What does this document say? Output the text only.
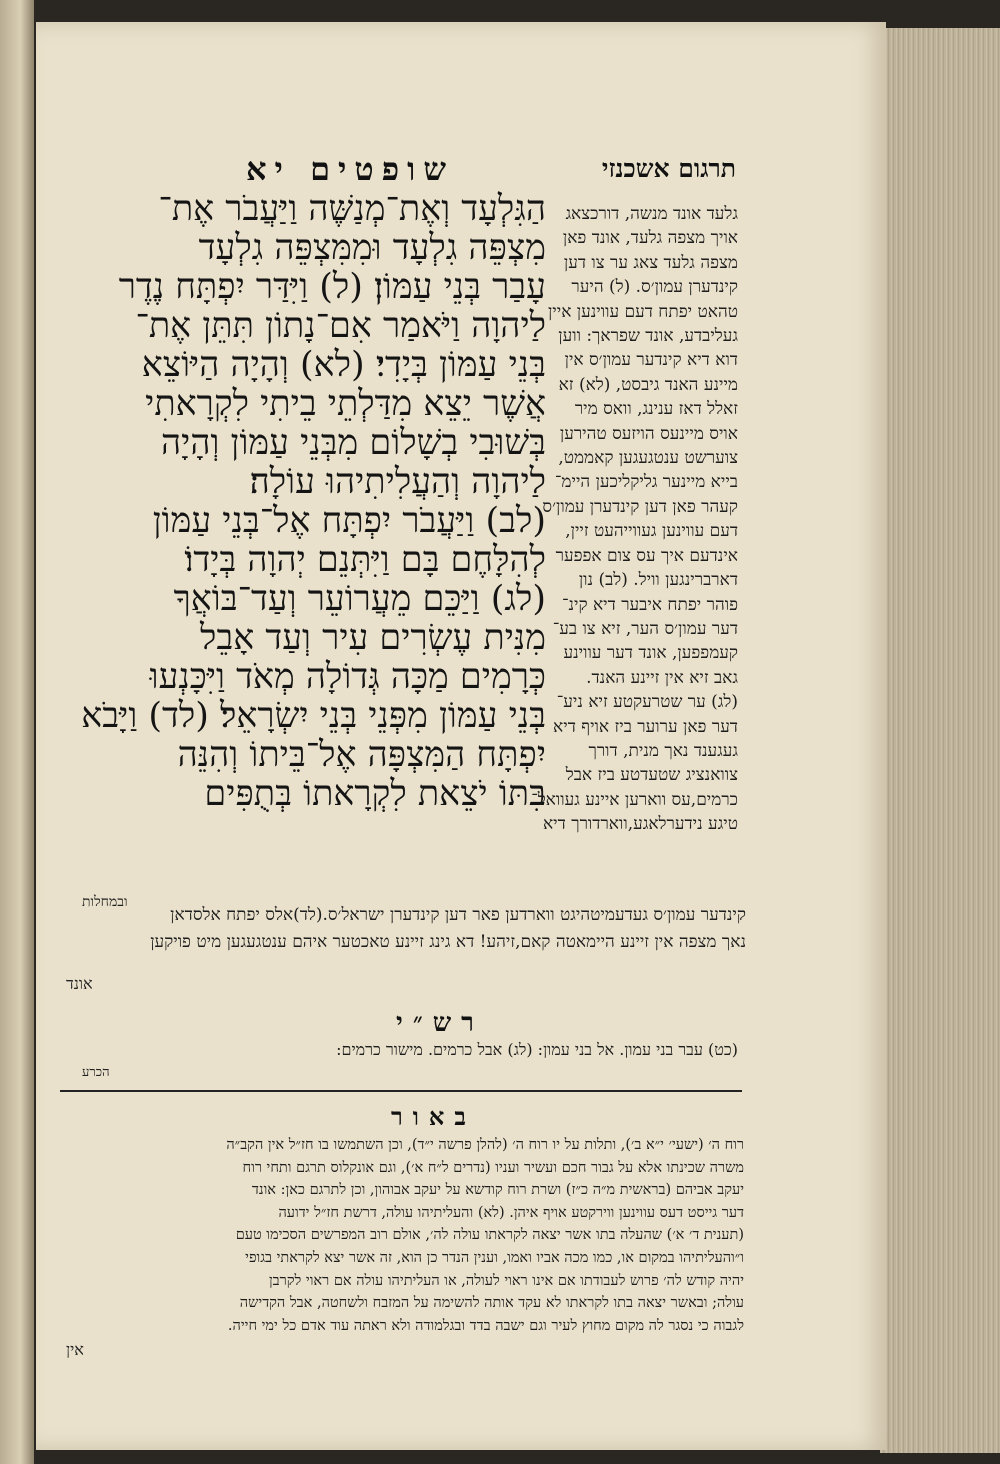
תרגום אשכנזי
שופטים יא
הַגִּלְעָד וְאֶת־מְנַשֶּׁה וַיַּעֲבֹר אֶת־
מִצְפֵּה גִלְעָד וּמִמִּצְפֵּה גִלְעָד
עָבַר בְּנֵי עַמּוֹן׃ (ל) וַיִּדַּר יִפְתָּח נֶדֶר
לַיהוָה וַיֹּאמַר אִם־נָתוֹן תִּתֵּן אֶת־
בְּנֵי עַמּוֹן בְּיָדִי׃ (לא) וְהָיָה הַיּוֹצֵא
אֲשֶׁר יֵצֵא מִדַּלְתֵי בֵיתִי לִקְרָאתִי
בְּשׁוּבִי בְשָׁלוֹם מִבְּנֵי עַמּוֹן וְהָיָה
לַיהוָה וְהַעֲלִיתִיהוּ עוֹלָה׃
(לב) וַיַּעֲבֹר יִפְתָּח אֶל־בְּנֵי עַמּוֹן
לְהִלָּחֶם בָּם וַיִּתְּנֵם יְהוָה בְּיָדוֹ׃
(לג) וַיַּכֵּם מֵעֲרוֹעֵר וְעַד־בּוֹאֲךָ
מִנִּית עֶשְׂרִים עִיר וְעַד אָבֵל
כְּרָמִים מַכָּה גְּדוֹלָה מְאֹד וַיִּכָּנְעוּ
בְּנֵי עַמּוֹן מִפְּנֵי בְּנֵי יִשְׂרָאֵל׃ (לד) וַיָּבֹא
יִפְתָּח הַמִּצְפָּה אֶל־בֵּיתוֹ וְהִנֵּה
בִתּוֹ יֹצֵאת לִקְרָאתוֹ בְּתֻפִּים
גלעד אונד מנשה, דורכצאג
אויך מצפה גלעד, אונד פאן
מצפה גלעד צאג ער צו דען
קינדערן עמון׳ס. (ל) היער
טהאט יפתח דעם עווינען איין
געליבדע, אונד שפראך: ווען
דוא דיא קינדער עמון׳ס אין
מיינע האנד גיבסט, (לא) זא
זאלל דאז ענינג, וואס מיר
אויס מיינעס הויזעס טהירען
צוערשט ענטגעגען קאממט,
בייא מיינער גליקליכען היימ־
קעהר פאן דען קינדערן עמון׳ס
דעם עווינען געווייהעט זיין,
אינדעם איך עס צום אפפער
דארברינגען וויל. (לב) נון
פוהר יפתח איבער דיא קינ־
דער עמון׳ס הער, זיא צו בע־
קעמפפען, אונד דער עווינע
גאב זיא אין זיינע האנד.
(לג) ער שטרעקטע זיא ניע־
דער פאן ערוער ביז אויף דיא
געגענד נאך מנית, דורך
צוואנציג שטעדטע ביז אבל
כרמים,עס ווארען איינע געוואל־
טיגע נידערלאגע,ווארדורך דיא
ובמחלות
קינדער עמון׳ס געדעמיטהיגט ווארדען פאר דען קינדערן ישראל׳ס.(לד)אלס יפתח אלסדאן
נאך מצפה אין זיינע היימאטה קאם,זיהע! דא גינג זיינע טאכטער איהם ענטגעגען מיט פויקען
אונד
רש״י
(כט) עבר בני עמון. אל בני עמון: (לג) אבל כרמים. מישור כרמים:
הכרע
באור
רוח ה׳ (ישעי׳ י״א ב׳), ותלות על יו רוח ה׳ (להלן פרשה י״ד), וכן השתמשו בו חז״ל אין הקב״ה
משרה שכינתו אלא על גבור חכם ועשיר ועניו (נדרים ל״ח א׳), וגם אונקלוס תרגם ותחי רוח
יעקב אביהם (בראשית מ״ה כ״ז) ושרת רוח קודשא על יעקב אבוהון, וכן לתרגם כאן: אונד
דער גייסט דעס עווינען ווירקטע אויף איהן. (לא) והעליתיהו עולה, דרשת חז״ל ידועה
(תענית ד׳ א׳) שהעלה בתו אשר יצאה לקראתו עולה לה׳, אולם רוב המפרשים הסכימו טעם
ו״והעליתיהו במקום או, כמו מכה אביו ואמו, וענין הנדר כן הוא, זה אשר יצא לקראתי בגופי
יהיה קודש לה׳ פרוש לעבודתו אם אינו ראוי לעולה, או העליתיהו עולה אם ראוי לקרבן
עולה; ובאשר יצאה בתו לקראתו לא עקד אותה להשימה על המזבח ולשחטה, אבל הקדישה
לגבוה כי נסגר לה מקום מחוץ לעיר וגם ישבה בדד ובגלמודה ולא ראתה עוד אדם כל ימי חייה.
אין
